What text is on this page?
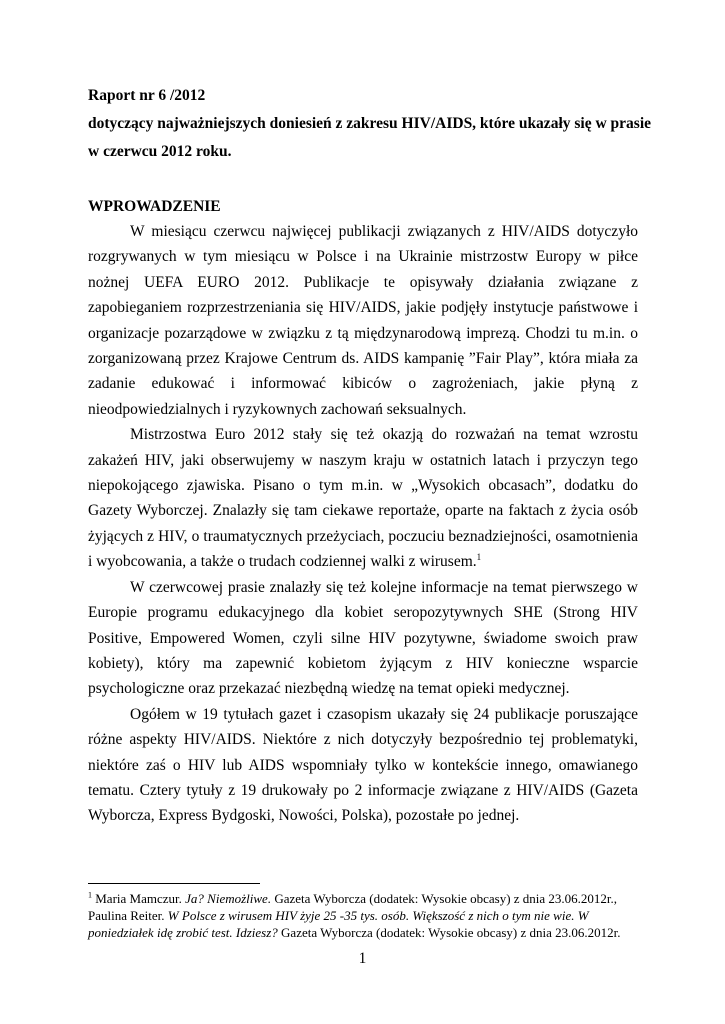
Raport nr 6 /2012

dotyczący najważniejszych doniesień z zakresu HIV/AIDS, które ukazały się w prasie

w czerwcu 2012 roku.

WPROWADZENIE

W miesiącu czerwcu najwięcej publikacji związanych z HIV/AIDS dotyczyło rozgrywanych w tym miesiącu w Polsce i na Ukrainie mistrzostw Europy w piłce nożnej UEFA EURO 2012. Publikacje te opisywały działania związane z zapobieganiem rozprzestrzeniania się HIV/AIDS, jakie podjęły instytucje państwowe i organizacje pozarządowe w związku z tą międzynarodową imprezą. Chodzi tu m.in. o zorganizowaną przez Krajowe Centrum ds. AIDS kampanię ”Fair Play”, która miała za zadanie edukować i informować kibiców o zagrożeniach, jakie płyną z nieodpowiedzialnych i ryzykownych zachowań seksualnych.

Mistrzostwa Euro 2012 stały się też okazją do rozważań na temat wzrostu zakażeń HIV, jaki obserwujemy w naszym kraju w ostatnich latach i przyczyn tego niepokojącego zjawiska. Pisano o tym m.in. w „Wysokich obcasach”, dodatku do Gazety Wyborczej. Znalazły się tam ciekawe reportaże, oparte na faktach z życia osób żyjących z HIV, o traumatycznych przeżyciach, poczuciu beznadziejności, osamotnienia i wyobcowania, a także o trudach codziennej walki z wirusem.$^1$

W czerwcowej prasie znalazły się też kolejne informacje na temat pierwszego w Europie programu edukacyjnego dla kobiet seropozytywnych SHE (Strong HIV Positive, Empowered Women, czyli silne HIV pozytywne, świadome swoich praw kobiety), który ma zapewnić kobietom żyjącym z HIV konieczne wsparcie psychologiczne oraz przekazać niezbędną wiedzę na temat opieki medycznej.

Ogółem w 19 tytułach gazet i czasopism ukazały się 24 publikacje poruszające różne aspekty HIV/AIDS. Niektóre z nich dotyczyły bezpośrednio tej problematyki, niektóre zaś o HIV lub AIDS wspomniały tylko w kontekście innego, omawianego tematu. Cztery tytuły z 19 drukowały po 2 informacje związane z HIV/AIDS (Gazeta Wyborcza, Express Bydgoski, Nowości, Polska), pozostałe po jednej.

$^1$ Maria Mamczur. Ja? Niemożliwe. Gazeta Wyborcza (dodatek: Wysokie obcasy) z dnia 23.06.2012r.,

Paulina Reiter. W Polsce z wirusem HIV żyje 25 -35 tys. osób. Większość z nich o tym nie wie. W poniedziałek idę zrobić test. Idziesz? Gazeta Wyborcza (dodatek: Wysokie obcasy) z dnia 23.06.2012r.

1
